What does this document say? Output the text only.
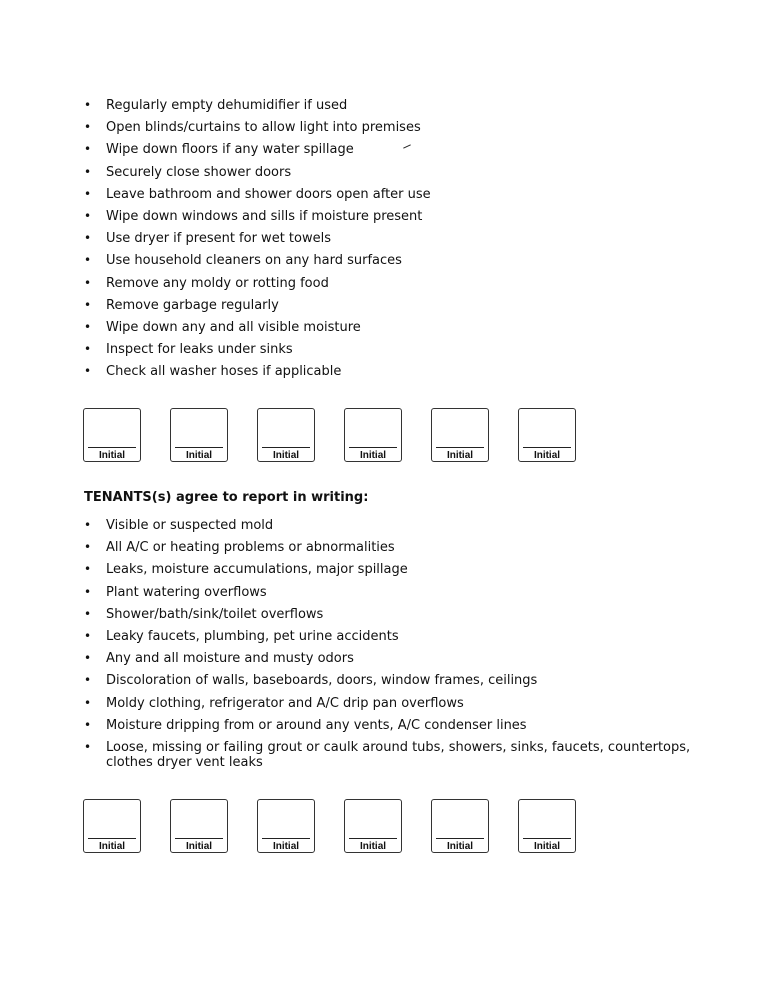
• Regularly empty dehumidifier if used
• Open blinds/curtains to allow light into premises
• Wipe down floors if any water spillage
• Securely close shower doors
• Leave bathroom and shower doors open after use
• Wipe down windows and sills if moisture present
• Use dryer if present for wet towels
• Use household cleaners on any hard surfaces
• Remove any moldy or rotting food
• Remove garbage regularly
• Wipe down any and all visible moisture
• Inspect for leaks under sinks
• Check all washer hoses if applicable
Initial	Initial	Initial	Initial	Initial	Initial
TENANTS(s) agree to report in writing:
• Visible or suspected mold
• All A/C or heating problems or abnormalities
• Leaks, moisture accumulations, major spillage
• Plant watering overflows
• Shower/bath/sink/toilet overflows
• Leaky faucets, plumbing, pet urine accidents
• Any and all moisture and musty odors
• Discoloration of walls, baseboards, doors, window frames, ceilings
• Moldy clothing, refrigerator and A/C drip pan overflows
• Moisture dripping from or around any vents, A/C condenser lines
• Loose, missing or failing grout or caulk around tubs, showers, sinks, faucets, countertops, clothes dryer vent leaks
Initial	Initial	Initial	Initial	Initial	Initial
